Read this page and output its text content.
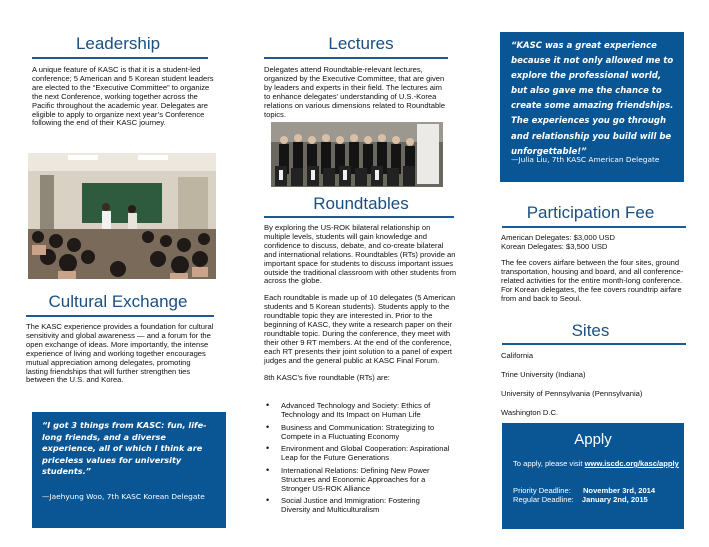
Leadership
A unique feature of KASC is that it is a student-led conference; 5 American and 5 Korean student leaders are elected to the “Executive Committee” to organize the next Conference, working together across the Pacific throughout the academic year. Delegates are eligible to apply to organize next year’s Conference following the end of their KASC journey.
Cultural Exchange
The KASC experience provides a foundation for cultural sensitivity and global awareness — and a forum for the open exchange of ideas. More importantly, the intense experience of living and working together encourages mutual appreciation among delegates, promoting lasting friendships that will further strengthen ties between the U.S. and Korea.
“I got 3 things from KASC: fun, life-long friends, and a diverse experience, all of which I think are priceless values for university students.”
—Jaehyung Woo, 7th KASC Korean Delegate
Lectures
Delegates attend Roundtable-relevant lectures, organized by the Executive Committee, that are given by leaders and experts in their field. The lectures aim to enhance delegates’ understanding of U.S.-Korea relations on various dimensions related to Roundtable topics.
Roundtables

By exploring the US-ROK bilateral relationship on multiple levels, students will gain knowledge and confidence to discuss, debate, and co-create bilateral and international relations. Roundtables (RTs) provide an important space for students to discuss important issues outside the traditional classroom with other students from across the globe.

Each roundtable is made up of 10 delegates (5 American students and 5 Korean students). Students apply to the roundtable topic they are interested in. Prior to the beginning of KASC, they write a research paper on their roundtable topic. During the conference, they meet with their other 9 RT members. At the end of the conference, each RT presents their joint solution to a panel of expert judges and the general public at KASC Final Forum.

8th KASC’s five roundtable (RTs) are:

• Advanced Technology and Society: Ethics of Technology and Its Impact on Human Life
• Business and Communication: Strategizing to Compete in a Fluctuating Economy
• Environment and Global Cooperation: Aspirational Leap for the Future Generations
• International Relations: Defining New Power Structures and Economic Approaches for a Stronger US-ROK Alliance
• Social Justice and Immigration: Fostering Diversity and Multiculturalism
“KASC was a great experience because it not only allowed me to explore the professional world, but also gave me the chance to create some amazing friendships. The experiences you go through and relationship you build will be unforgettable!”
—Julia Liu, 7th KASC American Delegate
Participation Fee
American Delegates: $3,000 USD
Korean Delegates: $3,500 USD
The fee covers airfare between the four sites, ground transportation, housing and board, and all conference-related activities for the entire month-long conference. For Korean delegates, the fee covers roundtrip airfare from and back to Seoul.
Sites
California
Trine University (Indiana)
University of Pennsylvania (Pennsylvania)
Washington D.C.
Apply
To apply, please visit www.iscdc.org/kasc/apply
Priority Deadline: November 3rd, 2014
Regular Deadline: January 2nd, 2015
